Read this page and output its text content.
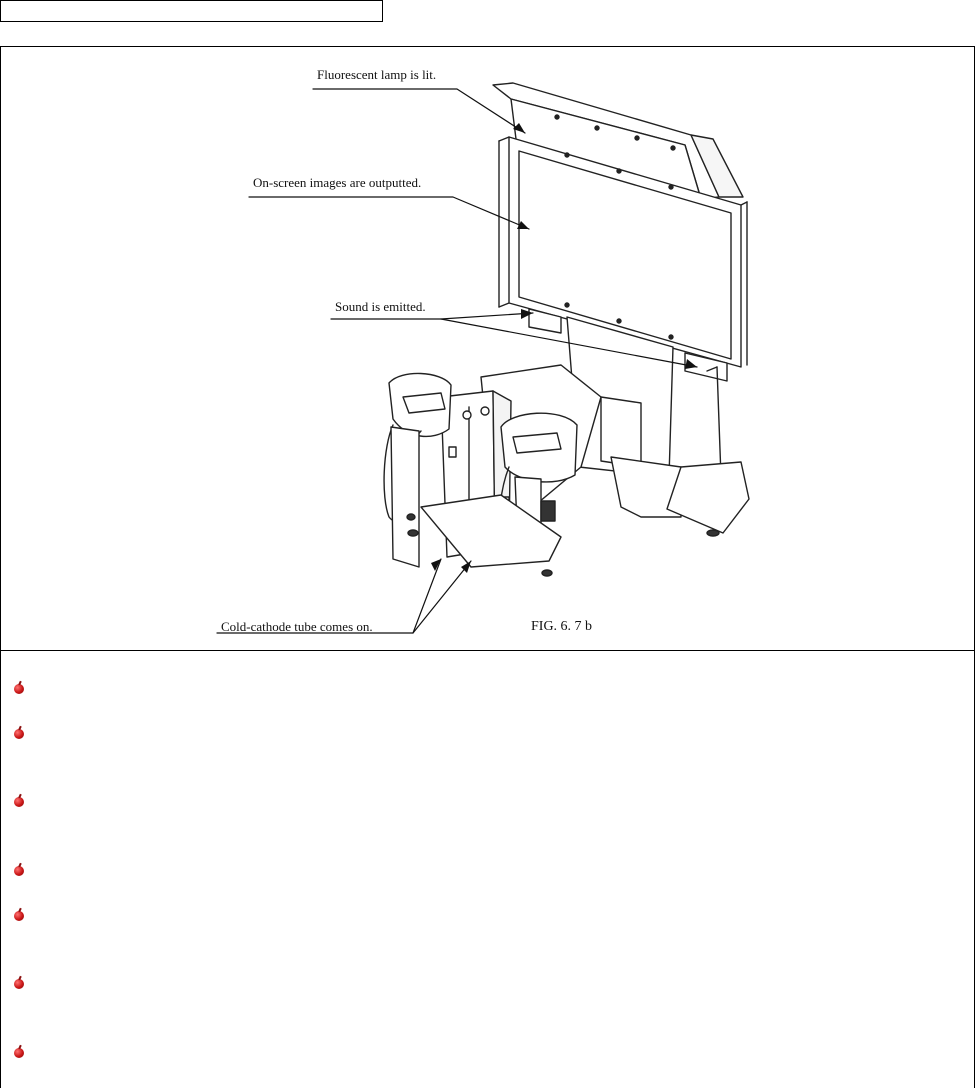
Fluorescent lamp is lit.
On-screen images are outputted.
Sound is emitted.
Cold-cathode tube comes on.	FIG. 6. 7 b
